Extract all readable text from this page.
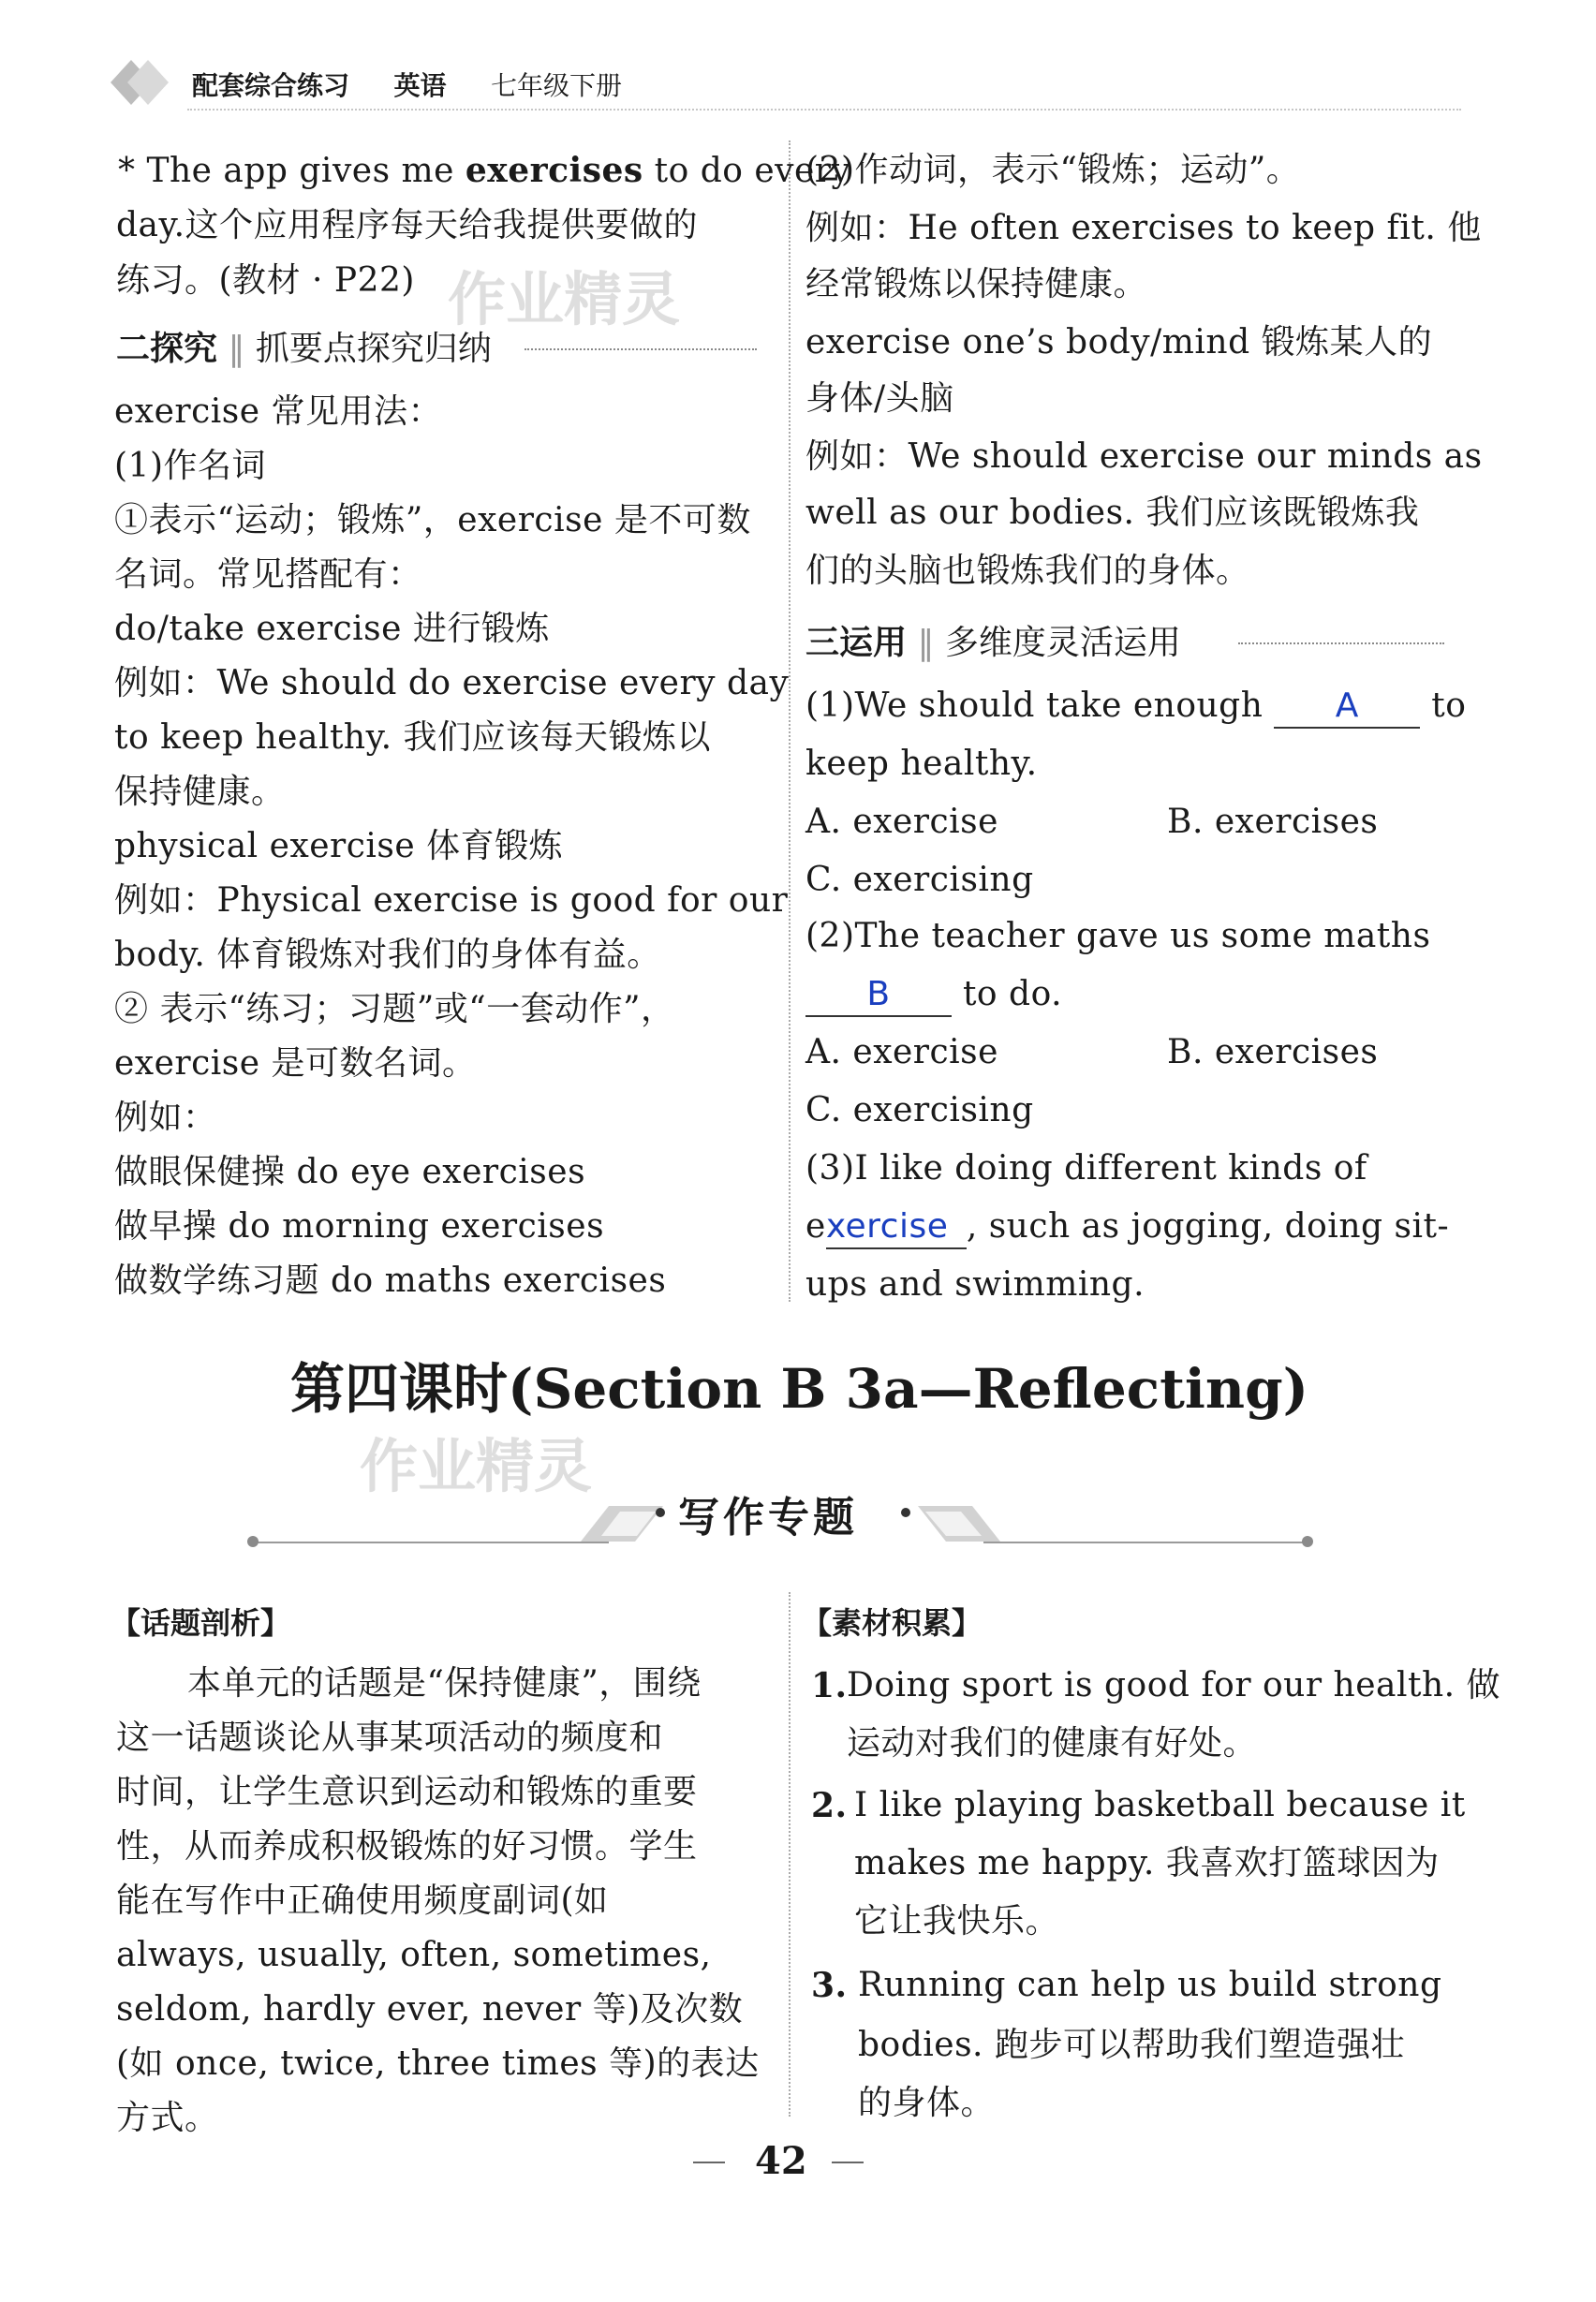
配套综合练习 英语 七年级下册
* The app gives me exercises to do every
day.这个应用程序每天给我提供要做的
练习。(教材 · P22) 作业精灵
二探究 ‖ 抓要点探究归纳
exercise 常见用法：
(1)作名词
①表示“运动；锻炼”，exercise 是不可数
名词。常见搭配有：
do/take exercise 进行锻炼
例如：We should do exercise every day
to keep healthy. 我们应该每天锻炼以
保持健康。
physical exercise 体育锻炼
例如：Physical exercise is good for our
body. 体育锻炼对我们的身体有益。
② 表示“练习；习题”或“一套动作”，
exercise 是可数名词。
例如：
做眼保健操 do eye exercises
做早操 do morning exercises
做数学练习题 do maths exercises
(2)作动词，表示“锻炼；运动”。
例如：He often exercises to keep fit. 他
经常锻炼以保持健康。
exercise one’s body/mind 锻炼某人的
身体/头脑
例如：We should exercise our minds as
well as our bodies. 我们应该既锻炼我
们的头脑也锻炼我们的身体。
三运用 ‖ 多维度灵活运用
(1)We should take enough A to
keep healthy.
A. exercise	B. exercises
C. exercising
(2)The teacher gave us some maths
B to do.
A. exercise	B. exercises
C. exercising
(3)I like doing different kinds of
exercise , such as jogging, doing sit-
ups and swimming.
第四课时(Section B 3a—Reflecting)
作业精灵
写作专题
【话题剖析】
本单元的话题是“保持健康”，围绕
这一话题谈论从事某项活动的频度和
时间，让学生意识到运动和锻炼的重要
性，从而养成积极锻炼的好习惯。学生
能在写作中正确使用频度副词(如
always, usually, often, sometimes,
seldom, hardly ever, never 等)及次数
(如 once, twice, three times 等)的表达
方式。
【素材积累】
1. Doing sport is good for our health. 做
运动对我们的健康有好处。
2. I like playing basketball because it
makes me happy. 我喜欢打篮球因为
它让我快乐。
3. Running can help us build strong
bodies. 跑步可以帮助我们塑造强壮
的身体。
42
